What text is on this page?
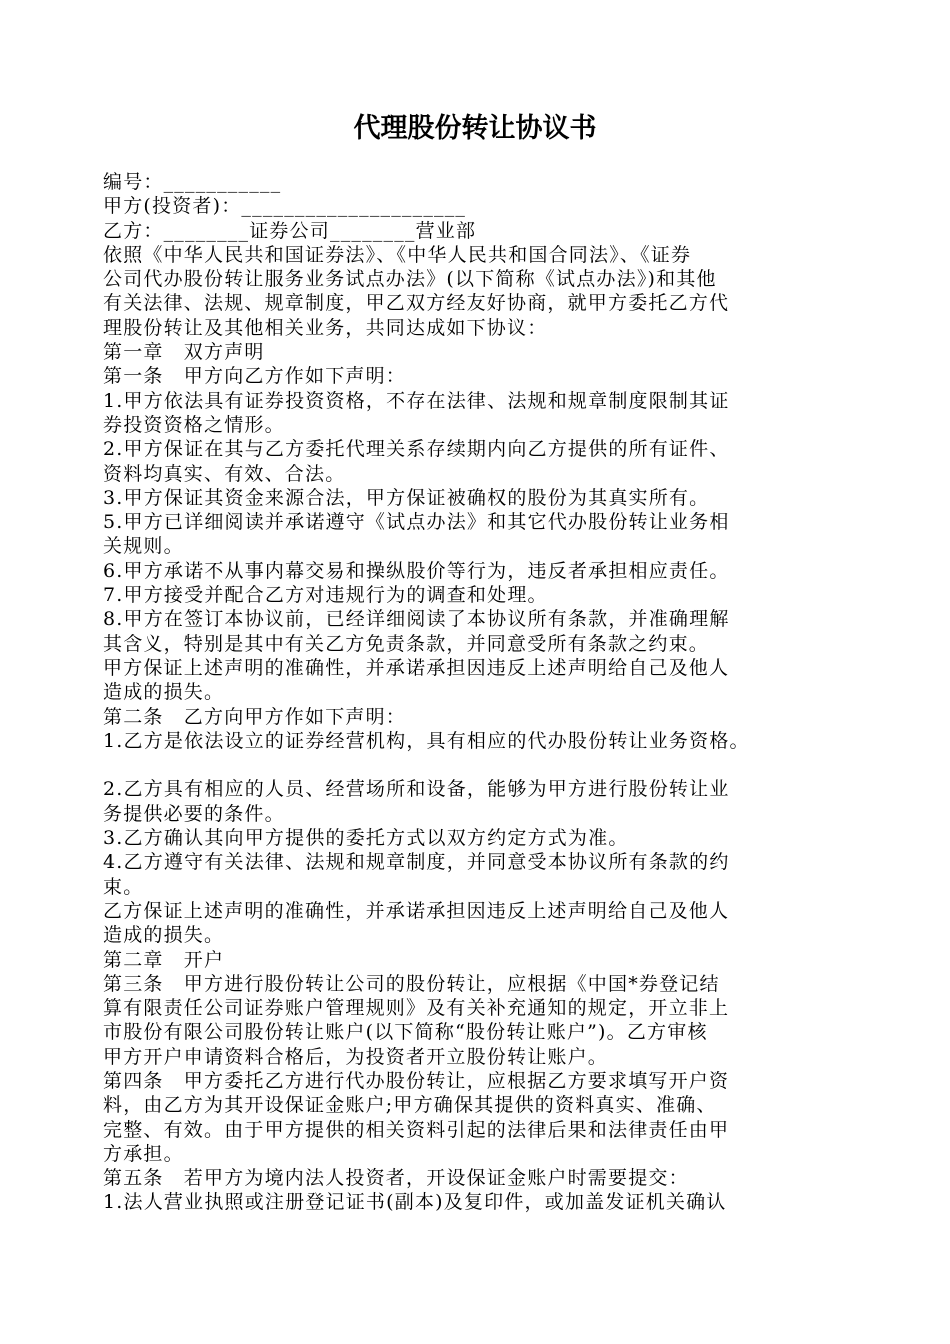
代理股份转让协议书
编号：___________
甲方(投资者)：_____________________
乙方：________证券公司________营业部
依照《中华人民共和国证券法》、《中华人民共和国合同法》、《证券
公司代办股份转让服务业务试点办法》(以下简称《试点办法》)和其他
有关法律、法规、规章制度，甲乙双方经友好协商，就甲方委托乙方代
理股份转让及其他相关业务，共同达成如下协议：
第一章　双方声明
第一条　甲方向乙方作如下声明：
1.甲方依法具有证券投资资格，不存在法律、法规和规章制度限制其证
券投资资格之情形。
2.甲方保证在其与乙方委托代理关系存续期内向乙方提供的所有证件、
资料均真实、有效、合法。
3.甲方保证其资金来源合法，甲方保证被确权的股份为其真实所有。
5.甲方已详细阅读并承诺遵守《试点办法》和其它代办股份转让业务相
关规则。
6.甲方承诺不从事内幕交易和操纵股价等行为，违反者承担相应责任。
7.甲方接受并配合乙方对违规行为的调查和处理。
8.甲方在签订本协议前，已经详细阅读了本协议所有条款，并准确理解
其含义，特别是其中有关乙方免责条款，并同意受所有条款之约束。
甲方保证上述声明的准确性，并承诺承担因违反上述声明给自己及他人
造成的损失。
第二条　乙方向甲方作如下声明：
1.乙方是依法设立的证券经营机构，具有相应的代办股份转让业务资格。
2.乙方具有相应的人员、经营场所和设备，能够为甲方进行股份转让业
务提供必要的条件。
3.乙方确认其向甲方提供的委托方式以双方约定方式为准。
4.乙方遵守有关法律、法规和规章制度，并同意受本协议所有条款的约
束。
乙方保证上述声明的准确性，并承诺承担因违反上述声明给自己及他人
造成的损失。
第二章　开户
第三条　甲方进行股份转让公司的股份转让，应根据《中国*券登记结
算有限责任公司证券账户管理规则》及有关补充通知的规定，开立非上
市股份有限公司股份转让账户(以下简称“股份转让账户”)。乙方审核
甲方开户申请资料合格后，为投资者开立股份转让账户。
第四条　甲方委托乙方进行代办股份转让，应根据乙方要求填写开户资
料，由乙方为其开设保证金账户;甲方确保其提供的资料真实、准确、
完整、有效。由于甲方提供的相关资料引起的法律后果和法律责任由甲
方承担。
第五条　若甲方为境内法人投资者，开设保证金账户时需要提交：
1.法人营业执照或注册登记证书(副本)及复印件，或加盖发证机关确认
